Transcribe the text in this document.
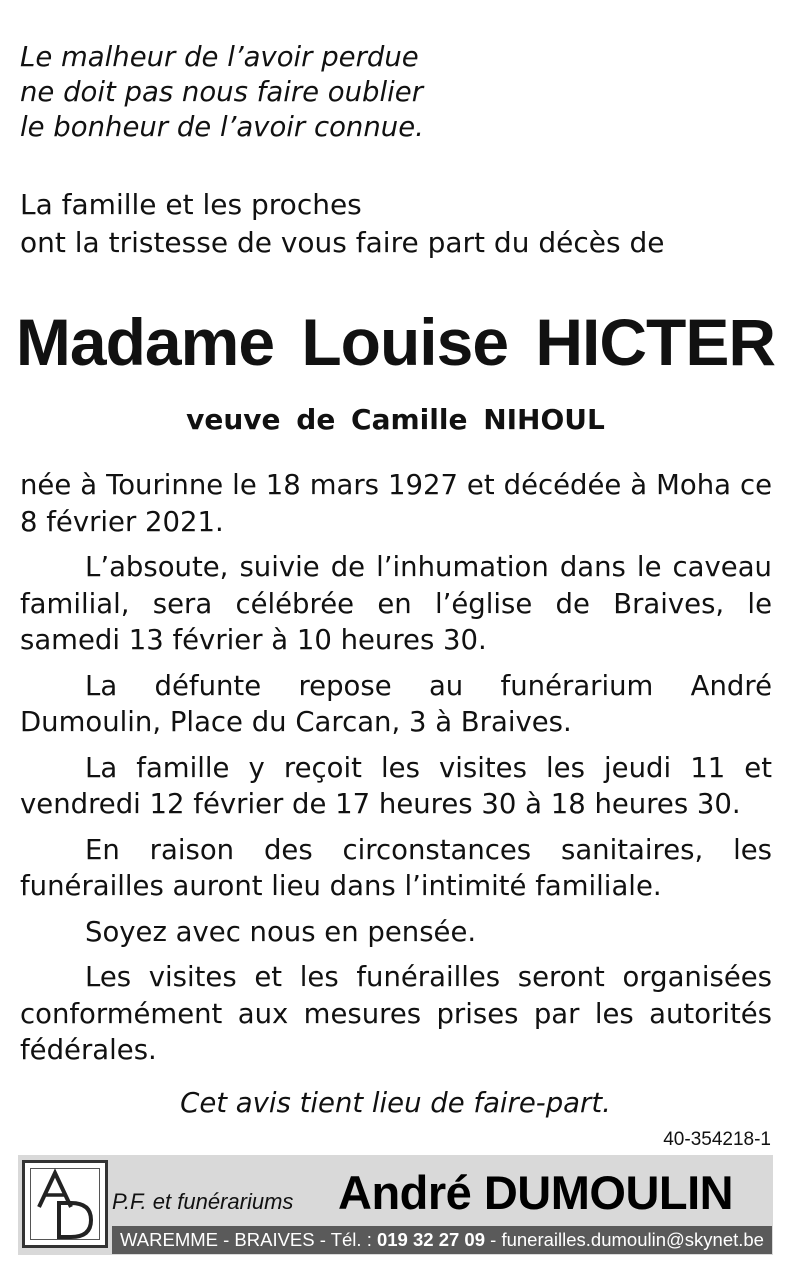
Le malheur de l’avoir perdue
ne doit pas nous faire oublier
le bonheur de l’avoir connue.
La famille et les proches
ont la tristesse de vous faire part du décès de
Madame Louise HICTER
veuve de Camille NIHOUL

née à Tourinne le 18 mars 1927 et décédée à Moha ce 8 février 2021.

L’absoute, suivie de l’inhumation dans le caveau familial, sera célébrée en l’église de Braives, le samedi 13 février à 10 heures 30.

La défunte repose au funérarium André Dumoulin, Place du Carcan, 3 à Braives.

La famille y reçoit les visites les jeudi 11 et vendredi 12 février de 17 heures 30 à 18 heures 30.

En raison des circonstances sanitaires, les funérailles auront lieu dans l’intimité familiale.

Soyez avec nous en pensée.

Les visites et les funérailles seront organisées conformément aux mesures prises par les autorités fédérales.

Cet avis tient lieu de faire-part.
40-354218-1
P.F. et funérariums André DUMOULIN
WAREMME - BRAIVES - Tél. : 019 32 27 09 - funerailles.dumoulin@skynet.be
